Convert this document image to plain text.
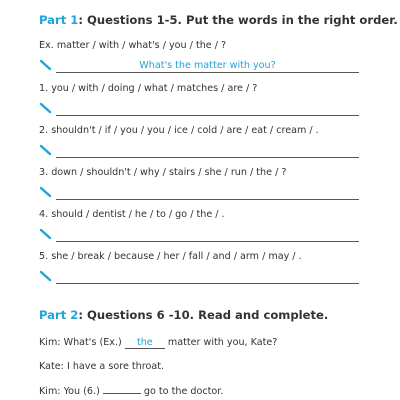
Part 1: Questions 1-5. Put the words in the right order.
Ex. matter / with / what's / you / the / ?
What's the matter with you?
1. you / with / doing / what / matches / are / ?
2. shouldn't / if / you / you / ice / cold / are / eat / cream / .
3. down / shouldn't / why / stairs / she / run / the / ?
4. should / dentist / he / to / go / the / .
5. she / break / because / her / fall / and / arm / may / .
Part 2: Questions 6 -10. Read and complete.
Kim: What's (Ex.) the matter with you, Kate?
Kate: I have a sore throat.
Kim: You (6.)	go to the doctor.
